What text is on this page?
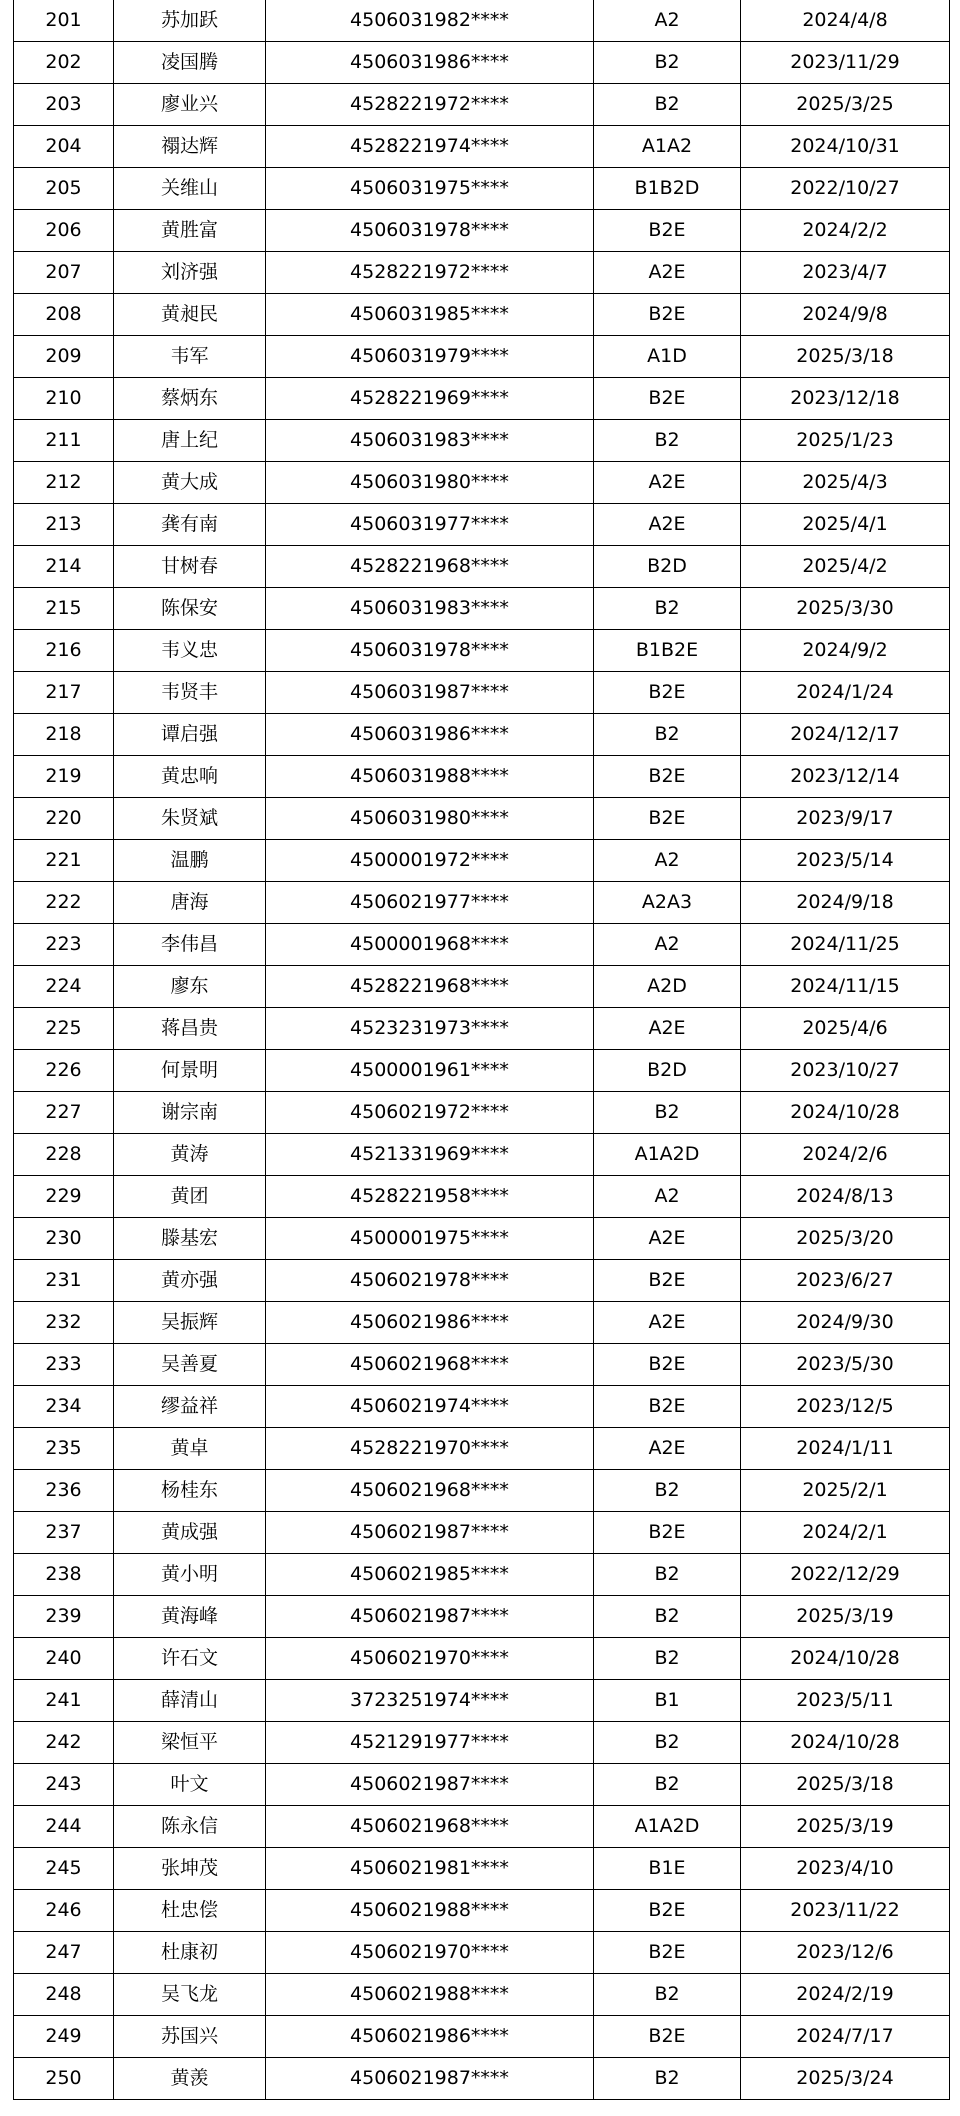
201	苏加跃	4506031982****	A2	2024/4/8
202	凌国腾	4506031986****	B2	2023/11/29
203	廖业兴	4528221972****	B2	2025/3/25
204	禤达辉	4528221974****	A1A2	2024/10/31
205	关维山	4506031975****	B1B2D	2022/10/27
206	黄胜富	4506031978****	B2E	2024/2/2
207	刘济强	4528221972****	A2E	2023/4/7
208	黄昶民	4506031985****	B2E	2024/9/8
209	韦军	4506031979****	A1D	2025/3/18
210	蔡炳东	4528221969****	B2E	2023/12/18
211	唐上纪	4506031983****	B2	2025/1/23
212	黄大成	4506031980****	A2E	2025/4/3
213	龚有南	4506031977****	A2E	2025/4/1
214	甘树春	4528221968****	B2D	2025/4/2
215	陈保安	4506031983****	B2	2025/3/30
216	韦义忠	4506031978****	B1B2E	2024/9/2
217	韦贤丰	4506031987****	B2E	2024/1/24
218	谭启强	4506031986****	B2	2024/12/17
219	黄忠响	4506031988****	B2E	2023/12/14
220	朱贤斌	4506031980****	B2E	2023/9/17
221	温鹏	4500001972****	A2	2023/5/14
222	唐海	4506021977****	A2A3	2024/9/18
223	李伟昌	4500001968****	A2	2024/11/25
224	廖东	4528221968****	A2D	2024/11/15
225	蒋昌贵	4523231973****	A2E	2025/4/6
226	何景明	4500001961****	B2D	2023/10/27
227	谢宗南	4506021972****	B2	2024/10/28
228	黄涛	4521331969****	A1A2D	2024/2/6
229	黄团	4528221958****	A2	2024/8/13
230	滕基宏	4500001975****	A2E	2025/3/20
231	黄亦强	4506021978****	B2E	2023/6/27
232	吴振辉	4506021986****	A2E	2024/9/30
233	吴善夏	4506021968****	B2E	2023/5/30
234	缪益祥	4506021974****	B2E	2023/12/5
235	黄卓	4528221970****	A2E	2024/1/11
236	杨桂东	4506021968****	B2	2025/2/1
237	黄成强	4506021987****	B2E	2024/2/1
238	黄小明	4506021985****	B2	2022/12/29
239	黄海峰	4506021987****	B2	2025/3/19
240	许石文	4506021970****	B2	2024/10/28
241	薛清山	3723251974****	B1	2023/5/11
242	梁恒平	4521291977****	B2	2024/10/28
243	叶文	4506021987****	B2	2025/3/18
244	陈永信	4506021968****	A1A2D	2025/3/19
245	张坤茂	4506021981****	B1E	2023/4/10
246	杜忠偿	4506021988****	B2E	2023/11/22
247	杜康初	4506021970****	B2E	2023/12/6
248	吴飞龙	4506021988****	B2	2024/2/19
249	苏国兴	4506021986****	B2E	2024/7/17
250	黄羡	4506021987****	B2	2025/3/24
